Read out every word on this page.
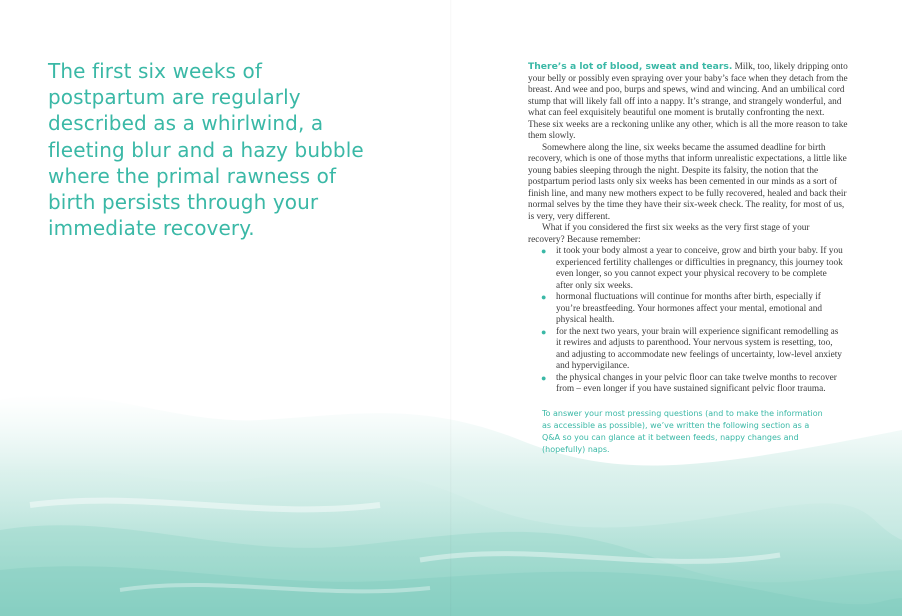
The first six weeks of postpartum are regularly described as a whirlwind, a fleeting blur and a hazy bubble where the primal rawness of birth persists through your immediate recovery.

There’s a lot of blood, sweat and tears. Milk, too, likely dripping onto your belly or possibly even spraying over your baby’s face when they detach from the breast. And wee and poo, burps and spews, wind and wincing. And an umbilical cord stump that will likely fall off into a nappy. It’s strange, and strangely wonderful, and what can feel exquisitely beautiful one moment is brutally confronting the next. These six weeks are a reckoning unlike any other, which is all the more reason to take them slowly.

Somewhere along the line, six weeks became the assumed deadline for birth recovery, which is one of those myths that inform unrealistic expectations, a little like young babies sleeping through the night. Despite its falsity, the notion that the postpartum period lasts only six weeks has been cemented in our minds as a sort of finish line, and many new mothers expect to be fully recovered, healed and back their normal selves by the time they have their six-week check. The reality, for most of us, is very, very different.

What if you considered the first six weeks as the very first stage of your recovery? Because remember:

● it took your body almost a year to conceive, grow and birth your baby. If you experienced fertility challenges or difficulties in pregnancy, this journey took even longer, so you cannot expect your physical recovery to be complete after only six weeks.
● hormonal fluctuations will continue for months after birth, especially if you’re breastfeeding. Your hormones affect your mental, emotional and physical health.
● for the next two years, your brain will experience significant remodelling as it rewires and adjusts to parenthood. Your nervous system is resetting, too, and adjusting to accommodate new feelings of uncertainty, low-level anxiety and hypervigilance.
● the physical changes in your pelvic floor can take twelve months to recover from – even longer if you have sustained significant pelvic floor trauma.

To answer your most pressing questions (and to make the information as accessible as possible), we’ve written the following section as a Q&A so you can glance at it between feeds, nappy changes and (hopefully) naps.
